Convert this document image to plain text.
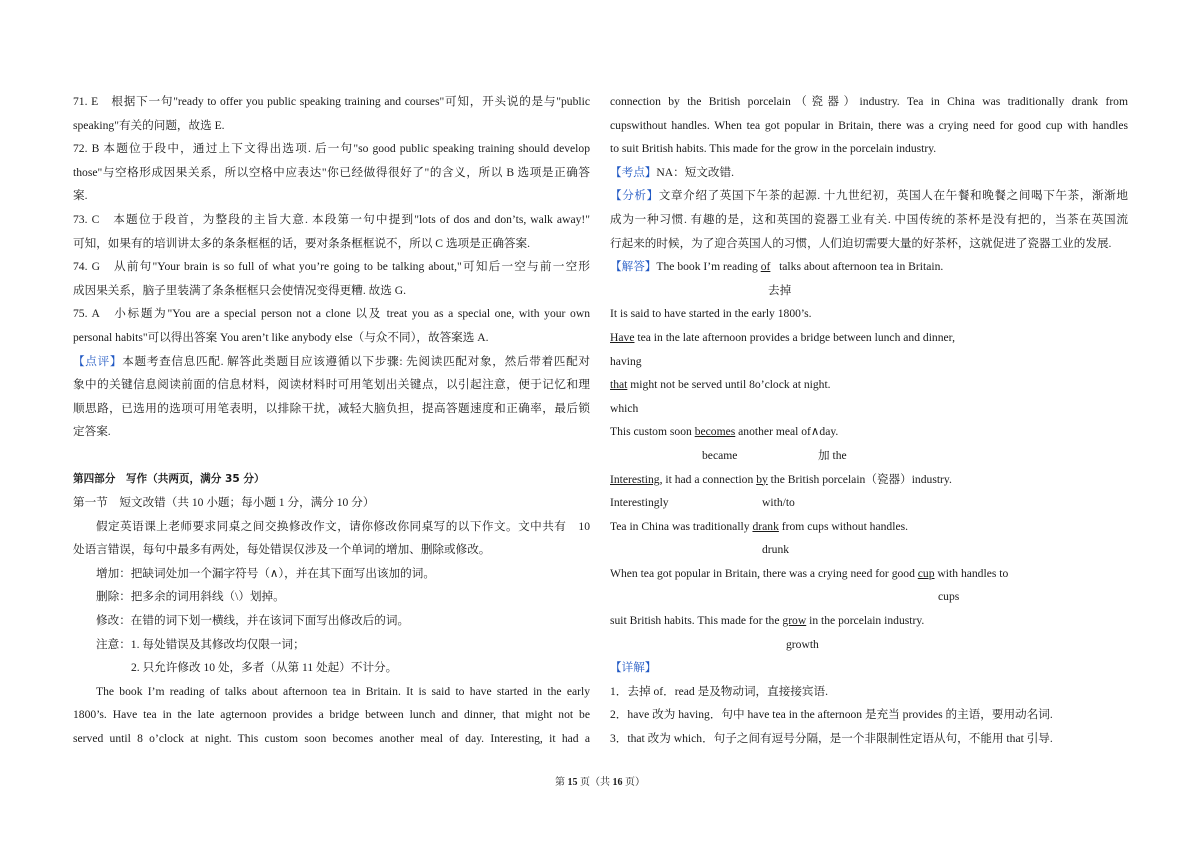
71. E　根据下一句"ready to offer you public speaking training and courses"可知，开头说的是与"public
speaking"有关的问题，故选 E.
72. B 本题位于段中，通过上下文得出选项. 后一句"so good public speaking training should develop
those"与空格形成因果关系，所以空格中应表达"你已经做得很好了"的含义，所以 B 选项是正确答
案.
73. C　本题位于段首，为整段的主旨大意. 本段第一句中提到"lots of dos and don’ts, walk away!"
可知，如果有的培训讲太多的条条框框的话，要对条条框框说不，所以 C 选项是正确答案.
74. G　从前句"Your brain is so full of what you’re going to be talking about,"可知后一空与前一空形
成因果关系，脑子里装满了条条框框只会使情况变得更糟. 故选 G.
75. A　小标题为"You are a special person not a clone 以及 treat you as a special one, with your own
personal habits"可以得出答案 You aren’t like anybody else（与众不同），故答案选 A.
【点评】本题考查信息匹配. 解答此类题目应该遵循以下步骤: 先阅读匹配对象，然后带着匹配对
象中的关键信息阅读前面的信息材料，阅读材料时可用笔划出关键点，以引起注意，便于记忆和理
顺思路，已选用的选项可用笔表明，以排除干扰，减轻大脑负担，提高答题速度和正确率，最后锁
定答案.
第四部分　写作（共两页，满分 35 分）
第一节　短文改错（共 10 小题；每小题 1 分，满分 10 分）
假定英语课上老师要求同桌之间交换修改作文，请你修改你同桌写的以下作文。文中共有　10
处语言错误，每句中最多有两处，每处错误仅涉及一个单词的增加、删除或修改。
增加：把缺词处加一个漏字符号（∧），并在其下面写出该加的词。
删除：把多余的词用斜线（\）划掉。
修改：在错的词下划一横线，并在该词下面写出修改后的词。
注意：1. 每处错误及其修改均仅限一词；
2. 只允许修改 10 处，多者（从第 11 处起）不计分。
The book I’m reading of talks about afternoon tea in Britain. It is said to have started in the early
1800’s. Have tea in the late agternoon provides a bridge between lunch and dinner, that might not be
served until 8 o’clock at night. This custom soon becomes another meal of day. Interesting, it had a
connection by the British porcelain（瓷器）industry. Tea in China was traditionally drank from
cupswithout handles. When tea got popular in Britain, there was a crying need for good cup with handles
to suit British habits. This made for the grow in the porcelain industry.
【考点】NA：短文改错.
【分析】文章介绍了英国下午茶的起源. 十九世纪初，英国人在午餐和晚餐之间喝下午茶，渐渐地
成为一种习惯. 有趣的是，这和英国的瓷器工业有关. 中国传统的茶杯是没有把的，当茶在英国流
行起来的时候，为了迎合英国人的习惯，人们迫切需要大量的好茶杯，这就促进了瓷器工业的发展.
【解答】The book I’m reading of   talks about afternoon tea in Britain.
去掉
It is said to have started in the early 1800’s.
Have tea in the late afternoon provides a bridge between lunch and dinner,
having
that might not be served until 8o’clock at night.
which
This custom soon becomes another meal of∧day.
became	加 the
Interesting, it had a connection by the British porcelain（瓷器）industry.
Interestingly	with/to
Tea in China was traditionally drank from cups without handles.
drunk
When tea got popular in Britain, there was a crying need for good cup with handles to
cups
suit British habits. This made for the grow in the porcelain industry.
growth
【详解】
1．去掉 of．read 是及物动词，直接接宾语.
2．have 改为 having．句中 have tea in the afternoon 是充当 provides 的主语，要用动名词.
3．that 改为 which．句子之间有逗号分隔，是一个非限制性定语从句，不能用 that 引导.
第 15 页（共 16 页）
